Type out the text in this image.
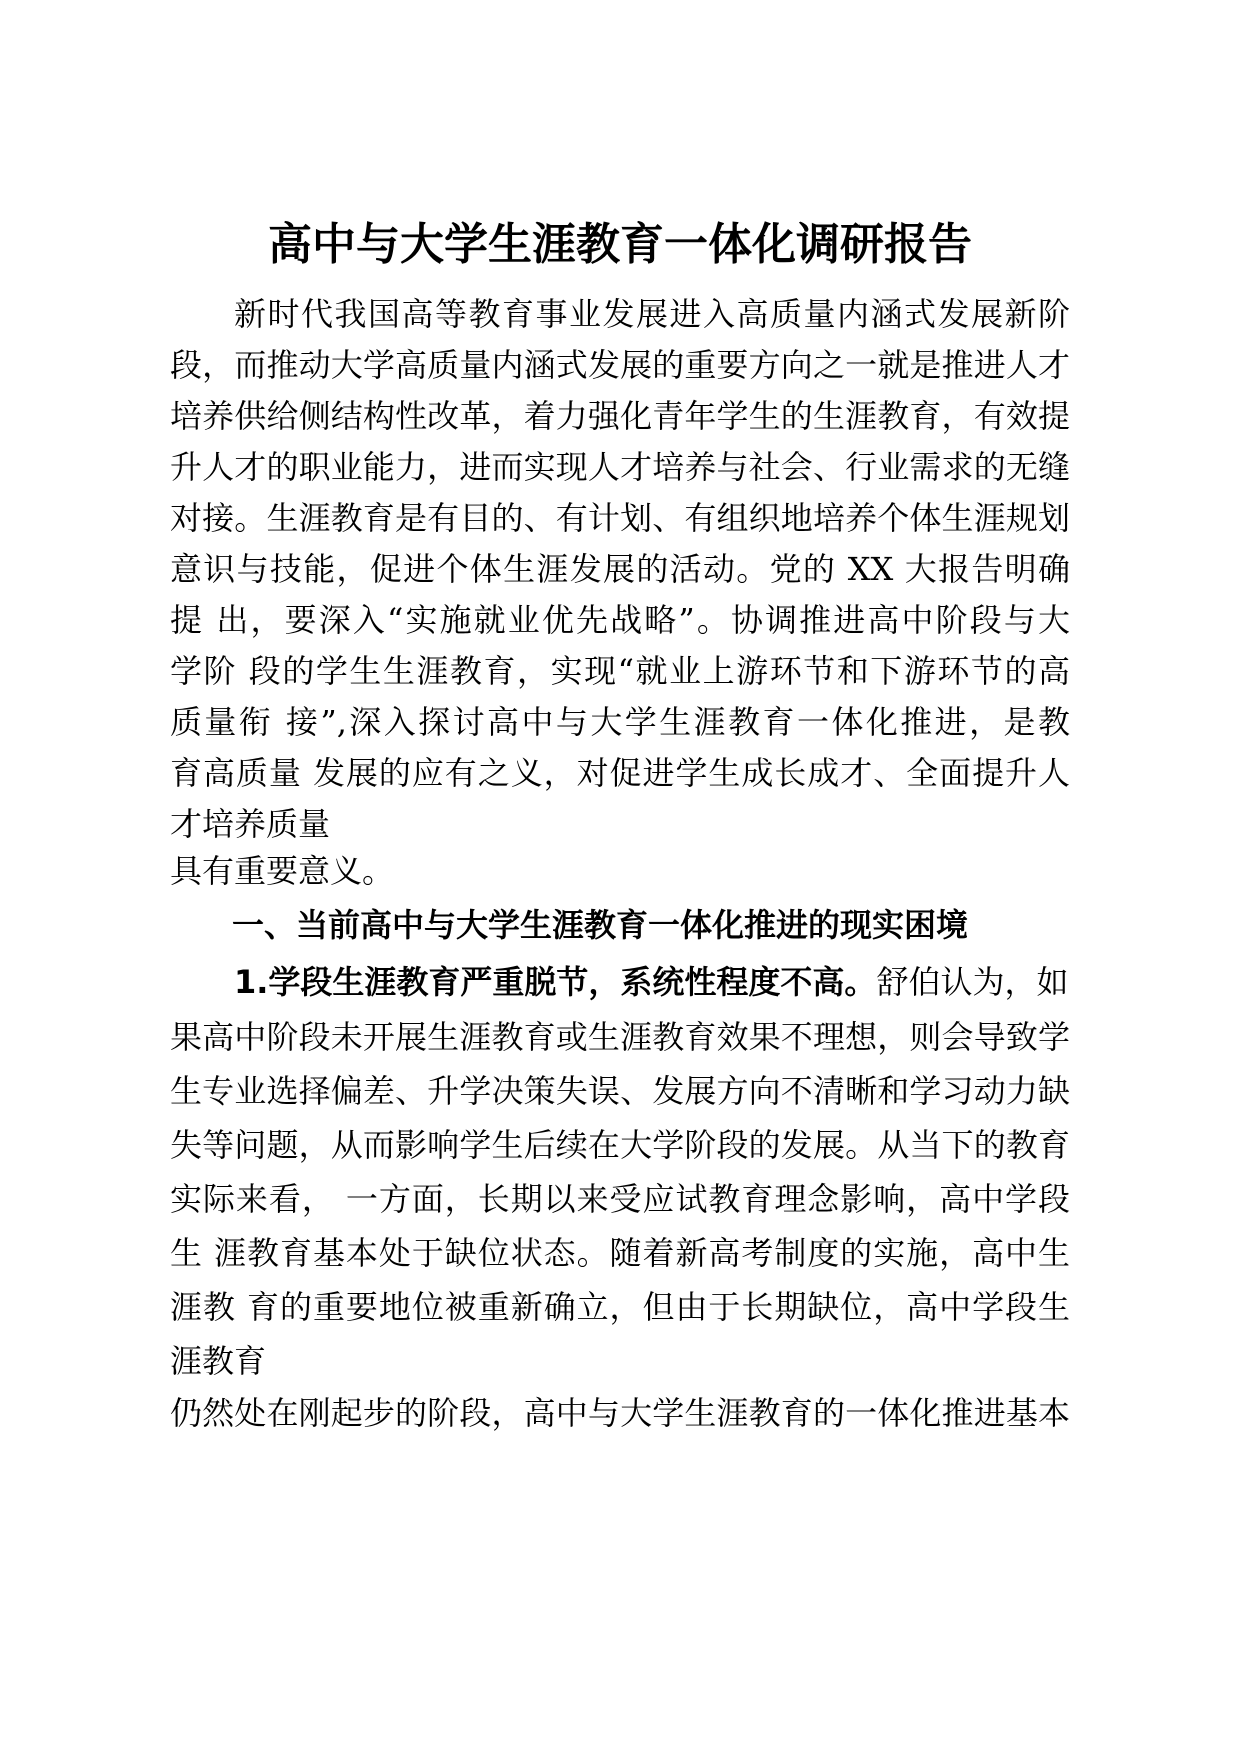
高中与大学生涯教育一体化调研报告
新时代我国高等教育事业发展进入高质量内涵式发展新阶
段，而推动大学高质量内涵式发展的重要方向之一就是推进人才
培养供给侧结构性改革，着力强化青年学生的生涯教育，有效提
升人才的职业能力，进而实现人才培养与社会、行业需求的无缝
对接。生涯教育是有目的、有计划、有组织地培养个体生涯规划
意识与技能，促进个体生涯发展的活动。党的 XX 大报告明确
提 出，要深入“实施就业优先战略”。协调推进高中阶段与大
学阶 段的学生生涯教育，实现“就业上游环节和下游环节的高
质量衔 接”,深入探讨高中与大学生涯教育一体化推进，是教
育高质量 发展的应有之义，对促进学生成长成才、全面提升人
才培养质量
具有重要意义。
一、当前高中与大学生涯教育一体化推进的现实困境
1.学段生涯教育严重脱节，系统性程度不高。舒伯认为，如
果高中阶段未开展生涯教育或生涯教育效果不理想，则会导致学
生专业选择偏差、升学决策失误、发展方向不清晰和学习动力缺
失等问题，从而影响学生后续在大学阶段的发展。从当下的教育
实际来看， 一方面，长期以来受应试教育理念影响，高中学段
生 涯教育基本处于缺位状态。随着新高考制度的实施，高中生
涯教 育的重要地位被重新确立，但由于长期缺位，高中学段生
涯教育
仍然处在刚起步的阶段，高中与大学生涯教育的一体化推进基本
